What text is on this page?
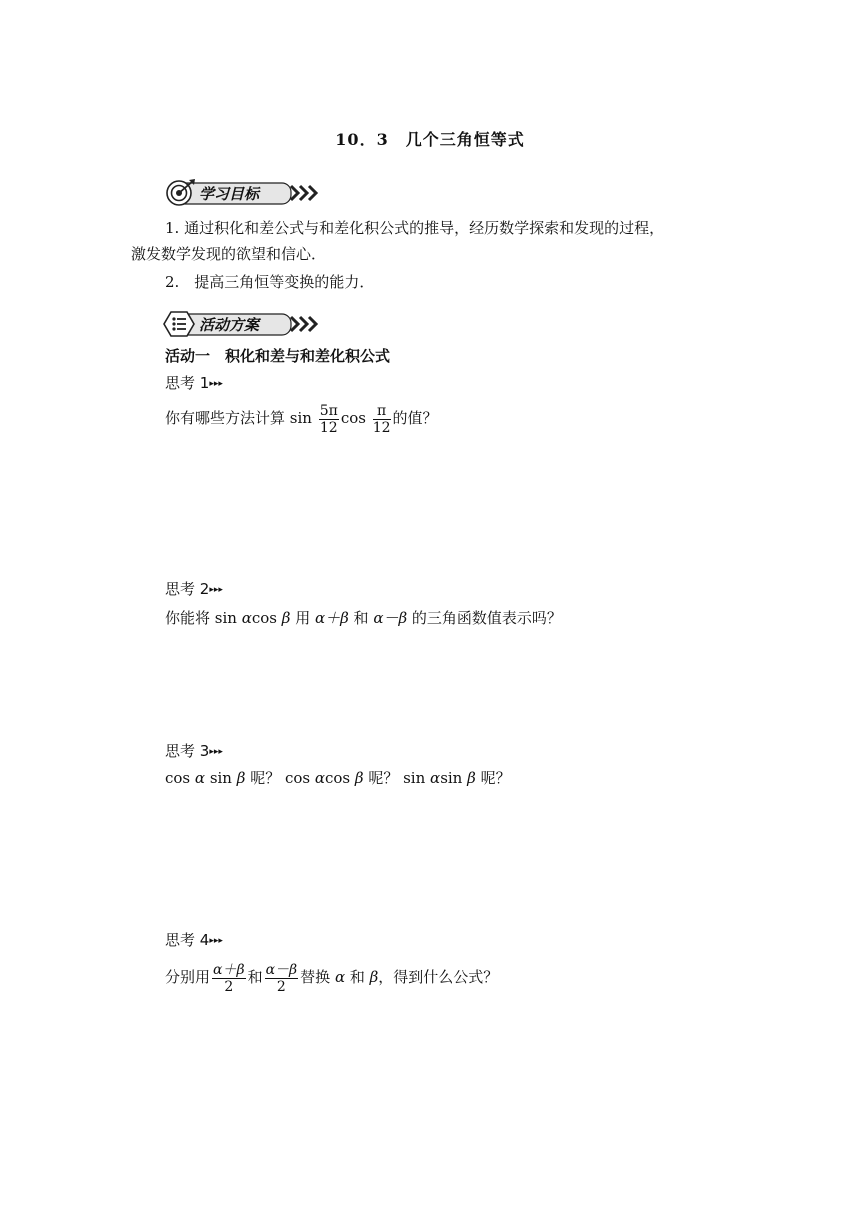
10．3　几个三角恒等式
学习目标
1. 通过积化和差公式与和差化积公式的推导，经历数学探索和发现的过程，
激发数学发现的欲望和信心．
2.　提高三角恒等变换的能力．
活动方案
活动一　积化和差与和差化积公式
思考 1▸▸▸
你有哪些方法计算 $\sin \frac{5\pi}{12}$ $\cos \frac{\pi}{12}$ 的值？
思考 2▸▸▸
你能将 sin αcos β 用 α＋β 和 α－β 的三角函数值表示吗？
思考 3▸▸▸
cos α sin β 呢？ cos αcos β 呢？ sin αsin β 呢？
思考 4▸▸▸
分别用 $\frac{\alpha+\beta}{2}$ 和 $\frac{\alpha-\beta}{2}$ 替换 α 和 β，得到什么公式？
